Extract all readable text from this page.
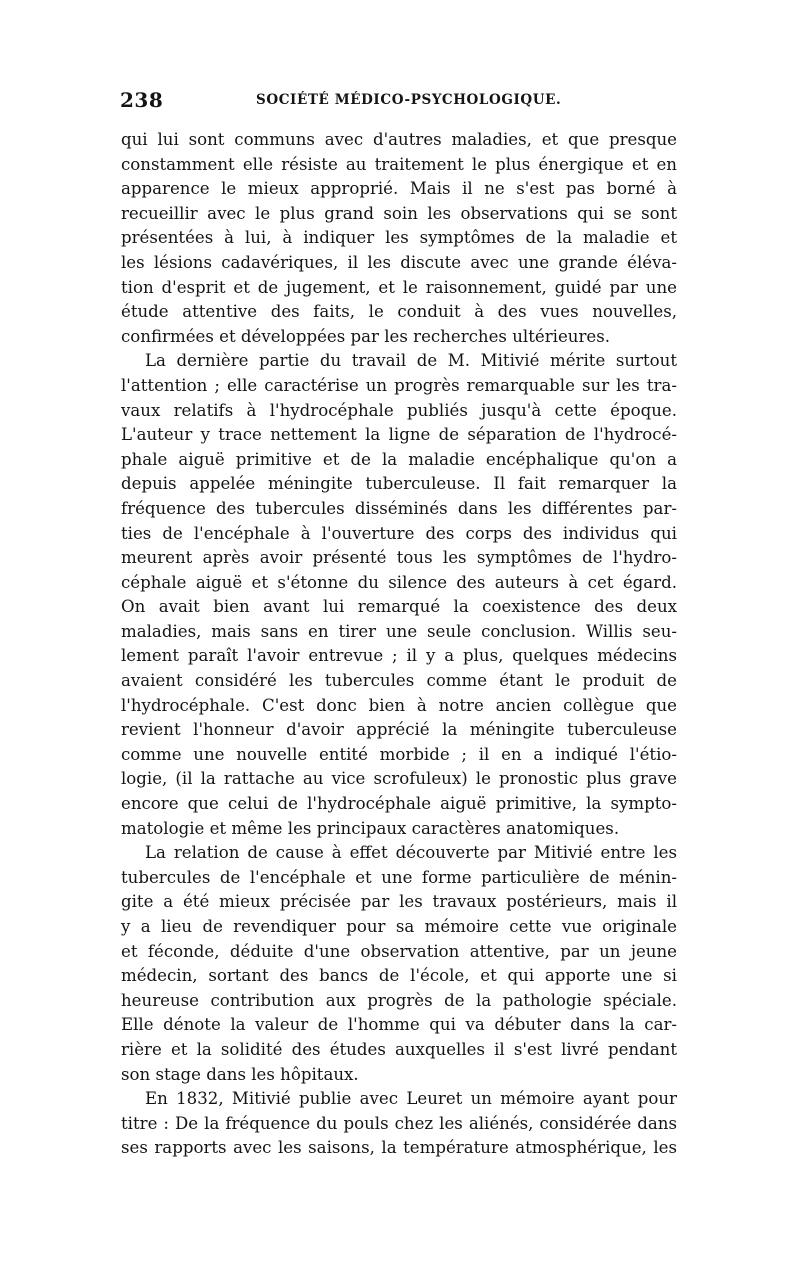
238	SOCIÉTÉ MÉDICO-PSYCHOLOGIQUE.
qui lui sont communs avec d'autres maladies, et que presque
constamment elle résiste au traitement le plus énergique et en
apparence le mieux approprié. Mais il ne s'est pas borné à
recueillir avec le plus grand soin les observations qui se sont
présentées à lui, à indiquer les symptômes de la maladie et
les lésions cadavériques, il les discute avec une grande éléva-
tion d'esprit et de jugement, et le raisonnement, guidé par une
étude attentive des faits, le conduit à des vues nouvelles,
confirmées et développées par les recherches ultérieures.
La dernière partie du travail de M. Mitivié mérite surtout
l'attention ; elle caractérise un progrès remarquable sur les tra-
vaux relatifs à l'hydrocéphale publiés jusqu'à cette époque.
L'auteur y trace nettement la ligne de séparation de l'hydrocé-
phale aiguë primitive et de la maladie encéphalique qu'on a
depuis appelée méningite tuberculeuse. Il fait remarquer la
fréquence des tubercules disséminés dans les différentes par-
ties de l'encéphale à l'ouverture des corps des individus qui
meurent après avoir présenté tous les symptômes de l'hydro-
céphale aiguë et s'étonne du silence des auteurs à cet égard.
On avait bien avant lui remarqué la coexistence des deux
maladies, mais sans en tirer une seule conclusion. Willis seu-
lement paraît l'avoir entrevue ; il y a plus, quelques médecins
avaient considéré les tubercules comme étant le produit de
l'hydrocéphale. C'est donc bien à notre ancien collègue que
revient l'honneur d'avoir apprécié la méningite tuberculeuse
comme une nouvelle entité morbide ; il en a indiqué l'étio-
logie, (il la rattache au vice scrofuleux) le pronostic plus grave
encore que celui de l'hydrocéphale aiguë primitive, la sympto-
matologie et même les principaux caractères anatomiques.
La relation de cause à effet découverte par Mitivié entre les
tubercules de l'encéphale et une forme particulière de ménin-
gite a été mieux précisée par les travaux postérieurs, mais il
y a lieu de revendiquer pour sa mémoire cette vue originale
et féconde, déduite d'une observation attentive, par un jeune
médecin, sortant des bancs de l'école, et qui apporte une si
heureuse contribution aux progrès de la pathologie spéciale.
Elle dénote la valeur de l'homme qui va débuter dans la car-
rière et la solidité des études auxquelles il s'est livré pendant
son stage dans les hôpitaux.
En 1832, Mitivié publie avec Leuret un mémoire ayant pour
titre : De la fréquence du pouls chez les aliénés, considérée dans
ses rapports avec les saisons, la température atmosphérique, les
